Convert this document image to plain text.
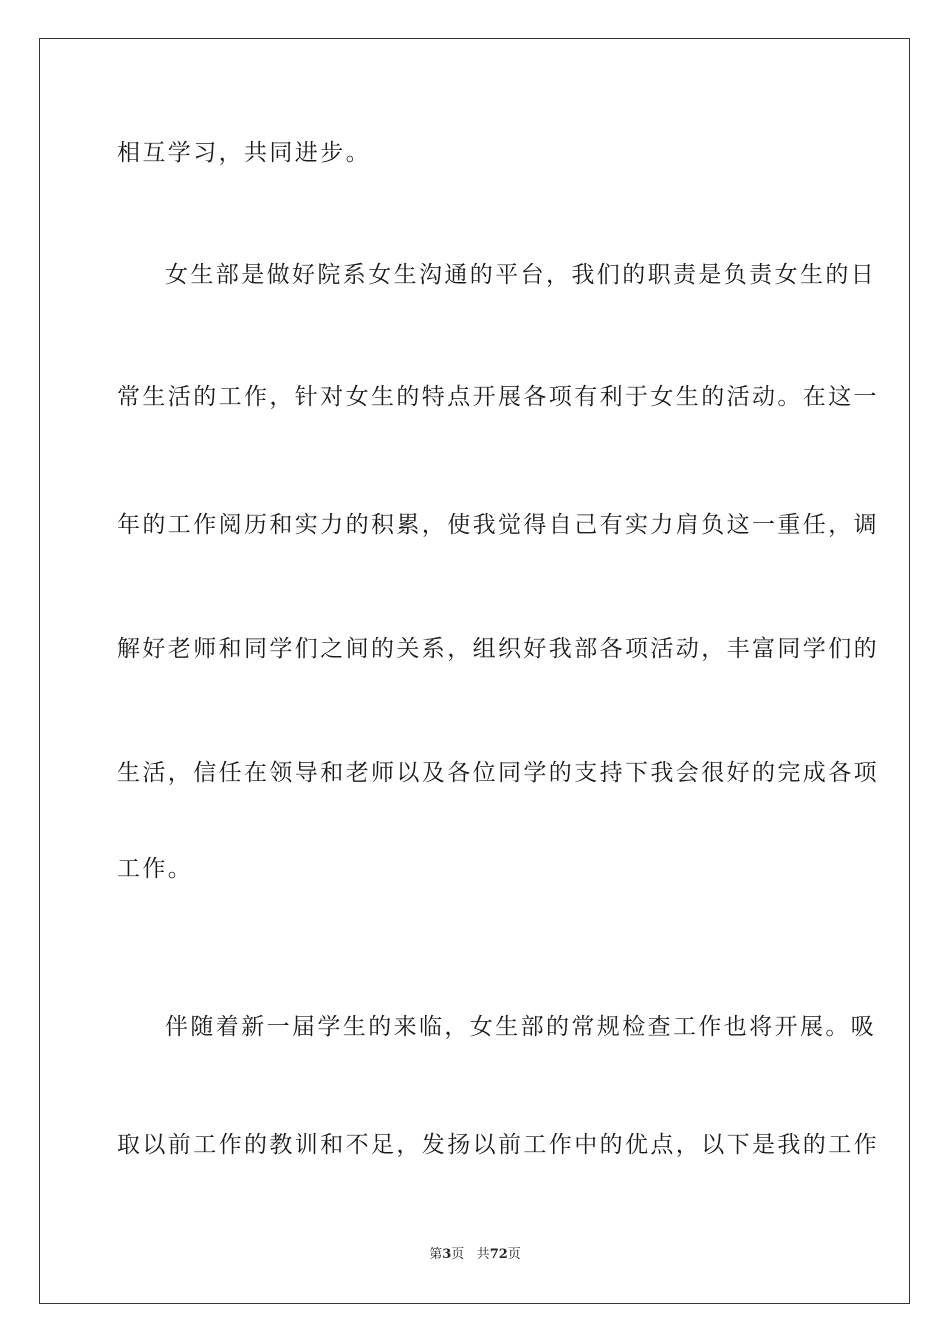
相互学习，共同进步。
女生部是做好院系女生沟通的平台，我们的职责是负责女生的日
常生活的工作，针对女生的特点开展各项有利于女生的活动。在这一
年的工作阅历和实力的积累，使我觉得自己有实力肩负这一重任，调
解好老师和同学们之间的关系，组织好我部各项活动，丰富同学们的
生活，信任在领导和老师以及各位同学的支持下我会很好的完成各项
工作。
伴随着新一届学生的来临，女生部的常规检查工作也将开展。吸
取以前工作的教训和不足，发扬以前工作中的优点，以下是我的工作
第3页 共72页
